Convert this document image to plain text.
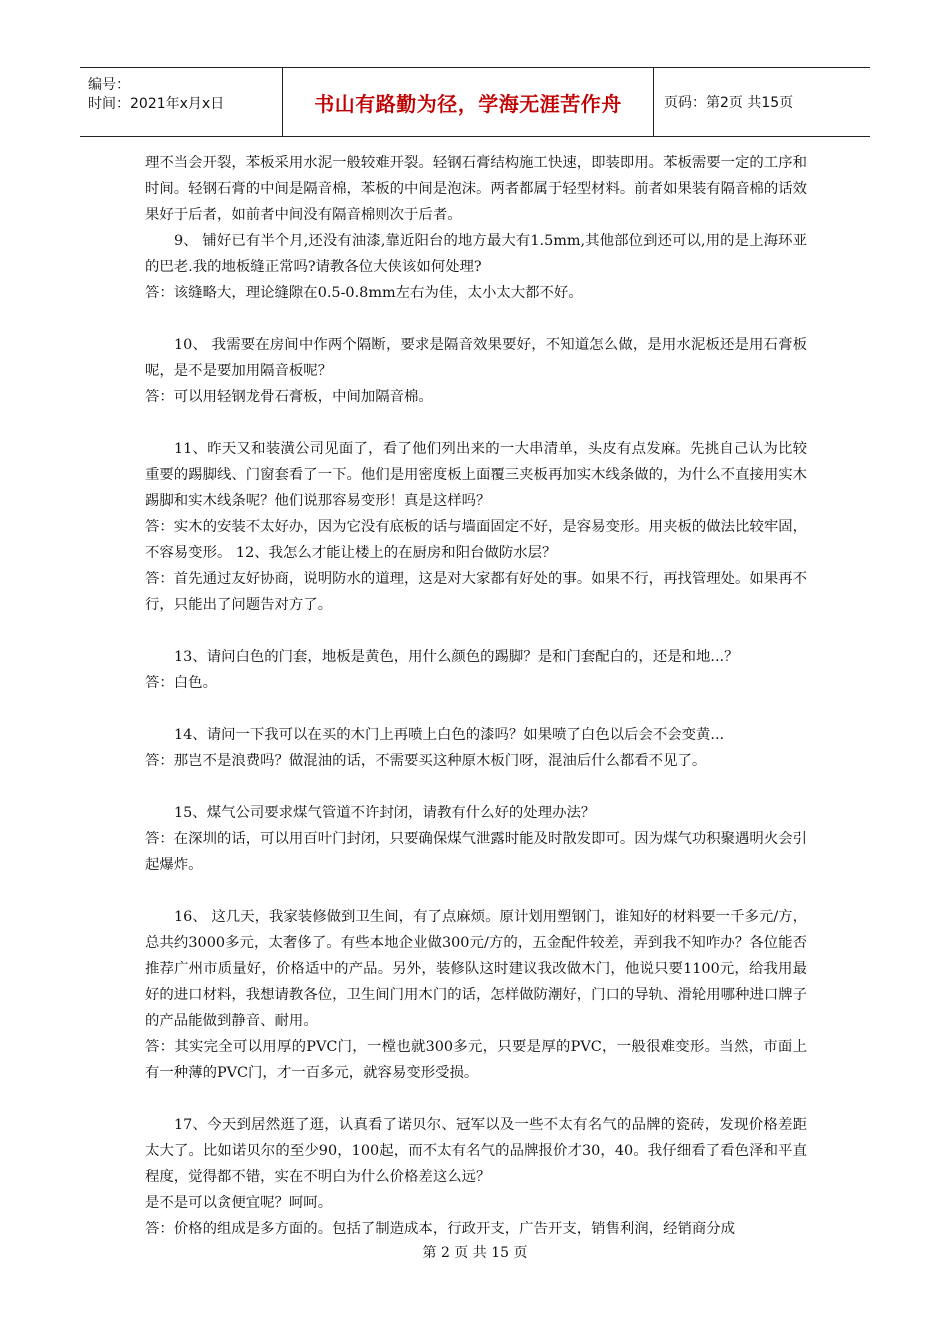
编号：
时间：2021年x月x日	书山有路勤为径，学海无涯苦作舟	页码：第2页 共15页

理不当会开裂，苯板采用水泥一般较难开裂。轻钢石膏结构施工快速，即装即用。苯板需要一定的工序和时间。轻钢石膏的中间是隔音棉，苯板的中间是泡沫。两者都属于轻型材料。前者如果装有隔音棉的话效果好于后者，如前者中间没有隔音棉则次于后者。

9、 铺好已有半个月,还没有油漆,靠近阳台的地方最大有1.5mm,其他部位到还可以,用的是上海环亚的巴老.我的地板缝正常吗?请教各位大侠该如何处理?

答：该缝略大，理论缝隙在0.5-0.8mm左右为佳，太小太大都不好。

10、 我需要在房间中作两个隔断，要求是隔音效果要好，不知道怎么做，是用水泥板还是用石膏板呢，是不是要加用隔音板呢？

答：可以用轻钢龙骨石膏板，中间加隔音棉。

11、昨天又和装潢公司见面了，看了他们列出来的一大串清单，头皮有点发麻。先挑自己认为比较重要的踢脚线、门窗套看了一下。他们是用密度板上面覆三夹板再加实木线条做的，为什么不直接用实木踢脚和实木线条呢？他们说那容易变形！真是这样吗？

答：实木的安装不太好办，因为它没有底板的话与墙面固定不好，是容易变形。用夹板的做法比较牢固，不容易变形。 12、我怎么才能让楼上的在厨房和阳台做防水层？

答：首先通过友好协商，说明防水的道理，这是对大家都有好处的事。如果不行，再找管理处。如果再不行，只能出了问题告对方了。

13、请问白色的门套，地板是黄色，用什么颜色的踢脚？是和门套配白的，还是和地...？

答：白色。

14、请问一下我可以在买的木门上再喷上白色的漆吗？如果喷了白色以后会不会变黄...

答：那岂不是浪费吗？做混油的话，不需要买这种原木板门呀，混油后什么都看不见了。

15、煤气公司要求煤气管道不许封闭，请教有什么好的处理办法？

答：在深圳的话，可以用百叶门封闭，只要确保煤气泄露时能及时散发即可。因为煤气功积聚遇明火会引起爆炸。

16、 这几天，我家装修做到卫生间，有了点麻烦。原计划用塑钢门，谁知好的材料要一千多元/方，总共约3000多元，太奢侈了。有些本地企业做300元/方的，五金配件较差，弄到我不知咋办？各位能否推荐广州市质量好，价格适中的产品。另外，装修队这时建议我改做木门，他说只要1100元，给我用最好的进口材料，我想请教各位，卫生间门用木门的话，怎样做防潮好，门口的导轨、滑轮用哪种进口牌子的产品能做到静音、耐用。

答：其实完全可以用厚的PVC门，一樘也就300多元，只要是厚的PVC，一般很难变形。当然，市面上有一种薄的PVC门，才一百多元，就容易变形受损。

17、今天到居然逛了逛，认真看了诺贝尔、冠军以及一些不太有名气的品牌的瓷砖，发现价格差距太大了。比如诺贝尔的至少90，100起，而不太有名气的品牌报价才30，40。我仔细看了看色泽和平直程度，觉得都不错，实在不明白为什么价格差这么远？

是不是可以贪便宜呢？呵呵。

答：价格的组成是多方面的。包括了制造成本，行政开支，广告开支，销售利润，经销商分成

第 2 页 共 15 页
